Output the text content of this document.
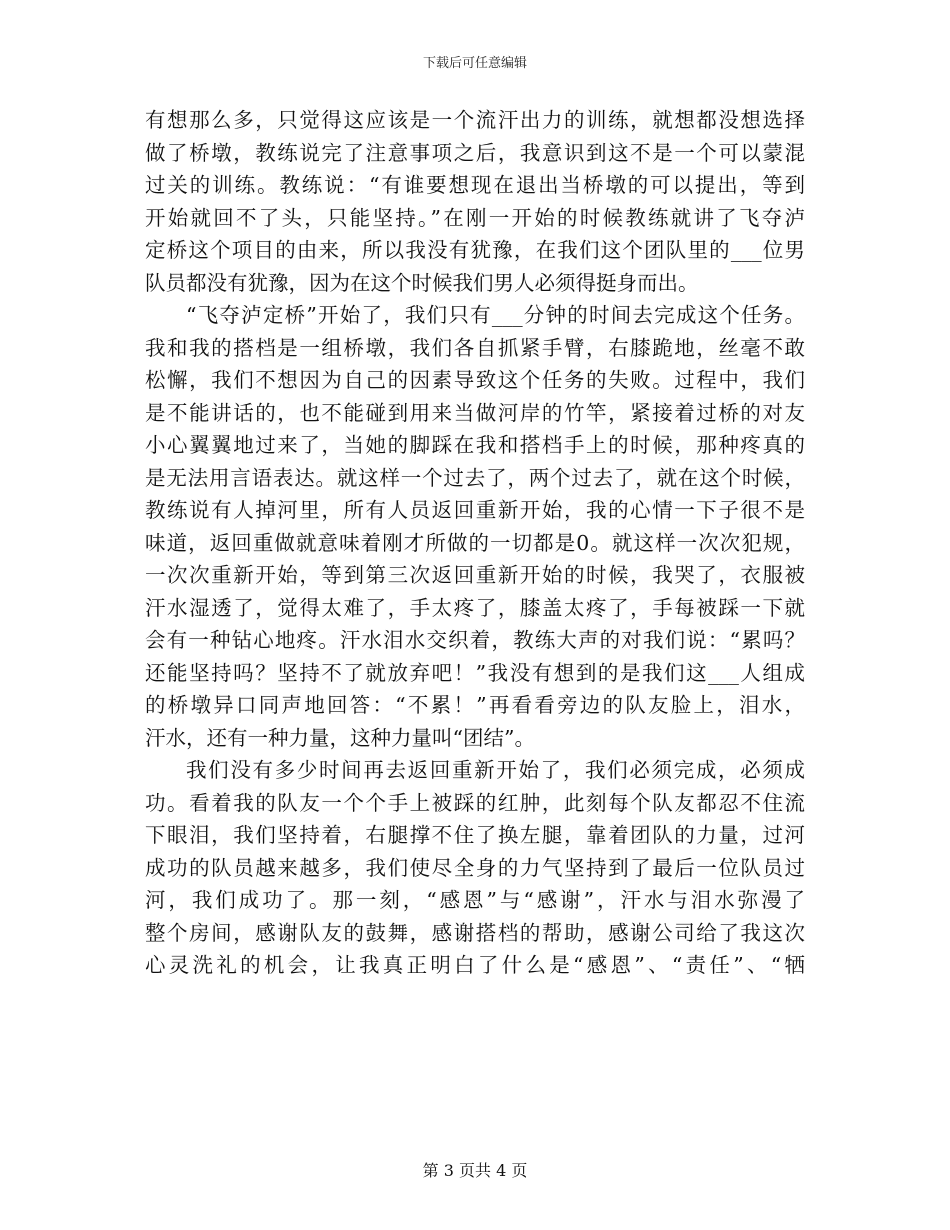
下载后可任意编辑
有想那么多，只觉得这应该是一个流汗出力的训练，就想都没想选择
做了桥墩，教练说完了注意事项之后，我意识到这不是一个可以蒙混
过关的训练。教练说：“有谁要想现在退出当桥墩的可以提出，等到
开始就回不了头，只能坚持。”在刚一开始的时候教练就讲了飞夺泸
定桥这个项目的由来，所以我没有犹豫，在我们这个团队里的___位男
队员都没有犹豫，因为在这个时候我们男人必须得挺身而出。
“飞夺泸定桥”开始了，我们只有___分钟的时间去完成这个任务。
我和我的搭档是一组桥墩，我们各自抓紧手臂，右膝跪地，丝毫不敢
松懈，我们不想因为自己的因素导致这个任务的失败。过程中，我们
是不能讲话的，也不能碰到用来当做河岸的竹竿，紧接着过桥的对友
小心翼翼地过来了，当她的脚踩在我和搭档手上的时候，那种疼真的
是无法用言语表达。就这样一个过去了，两个过去了，就在这个时候，
教练说有人掉河里，所有人员返回重新开始，我的心情一下子很不是
味道，返回重做就意味着刚才所做的一切都是0。就这样一次次犯规，
一次次重新开始，等到第三次返回重新开始的时候，我哭了，衣服被
汗水湿透了，觉得太难了，手太疼了，膝盖太疼了，手每被踩一下就
会有一种钻心地疼。汗水泪水交织着，教练大声的对我们说：“累吗？
还能坚持吗？坚持不了就放弃吧！”我没有想到的是我们这___人组成
的桥墩异口同声地回答：“不累！”再看看旁边的队友脸上，泪水，
汗水，还有一种力量，这种力量叫“团结”。
我们没有多少时间再去返回重新开始了，我们必须完成，必须成
功。看着我的队友一个个手上被踩的红肿，此刻每个队友都忍不住流
下眼泪，我们坚持着，右腿撑不住了换左腿，靠着团队的力量，过河
成功的队员越来越多，我们使尽全身的力气坚持到了最后一位队员过
河，我们成功了。那一刻，“感恩”与“感谢”，汗水与泪水弥漫了
整个房间，感谢队友的鼓舞，感谢搭档的帮助，感谢公司给了我这次
心灵洗礼的机会，让我真正明白了什么是“感恩”、“责任”、“牺
第 3 页共 4 页
